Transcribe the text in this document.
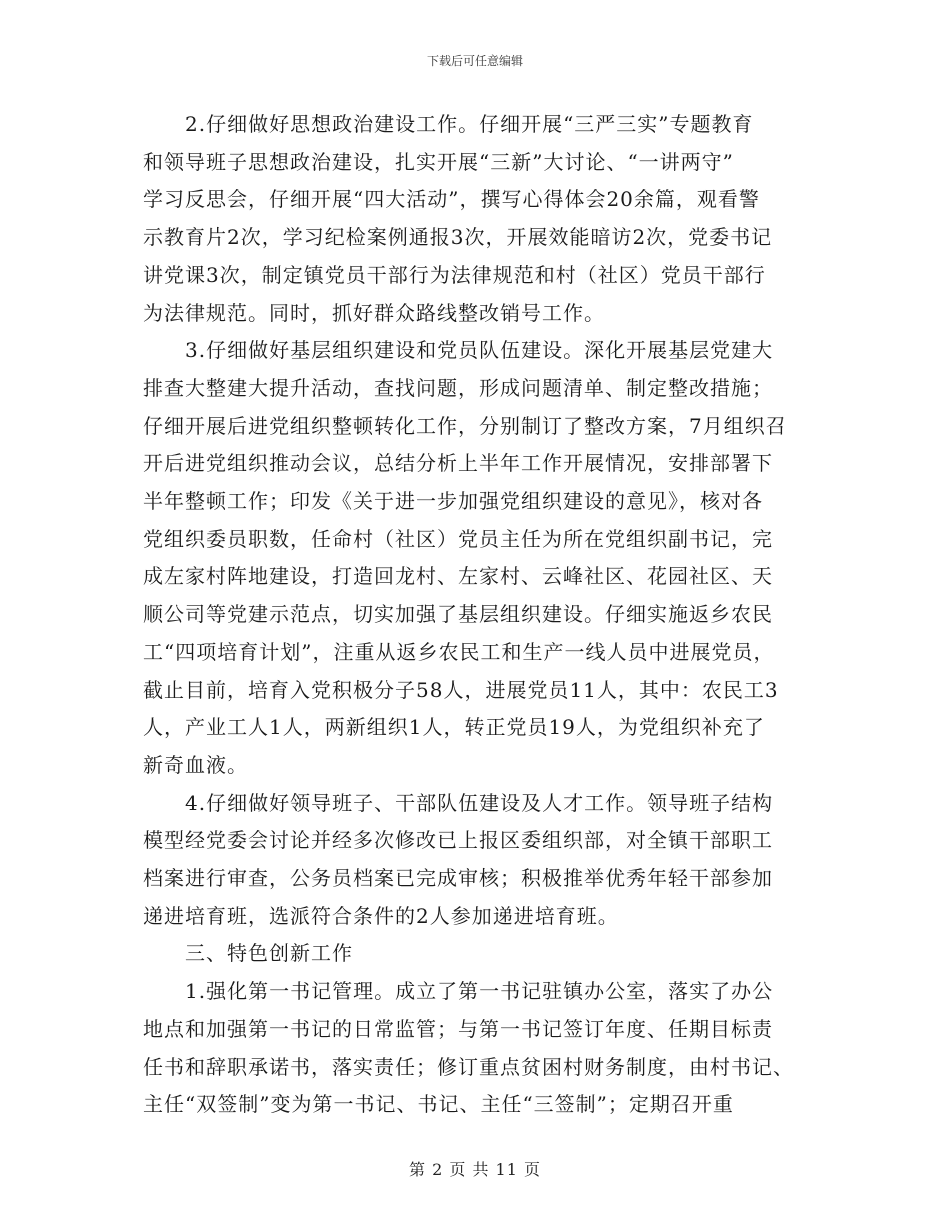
下载后可任意编辑

2.仔细做好思想政治建设工作。仔细开展“三严三实”专题教育
和领导班子思想政治建设，扎实开展“三新”大讨论、“一讲两守”
学习反思会，仔细开展“四大活动”，撰写心得体会20余篇，观看警
示教育片2次，学习纪检案例通报3次，开展效能暗访2次，党委书记
讲党课3次，制定镇党员干部行为法律规范和村（社区）党员干部行
为法律规范。同时，抓好群众路线整改销号工作。

3.仔细做好基层组织建设和党员队伍建设。深化开展基层党建大
排查大整建大提升活动，查找问题，形成问题清单、制定整改措施；
仔细开展后进党组织整顿转化工作，分别制订了整改方案，7月组织召
开后进党组织推动会议，总结分析上半年工作开展情况，安排部署下
半年整顿工作；印发《关于进一步加强党组织建设的意见》，核对各
党组织委员职数，任命村（社区）党员主任为所在党组织副书记，完
成左家村阵地建设，打造回龙村、左家村、云峰社区、花园社区、天
顺公司等党建示范点，切实加强了基层组织建设。仔细实施返乡农民
工“四项培育计划”，注重从返乡农民工和生产一线人员中进展党员，
截止目前，培育入党积极分子58人，进展党员11人，其中：农民工3
人，产业工人1人，两新组织1人，转正党员19人，为党组织补充了
新奇血液。

4.仔细做好领导班子、干部队伍建设及人才工作。领导班子结构
模型经党委会讨论并经多次修改已上报区委组织部，对全镇干部职工
档案进行审查，公务员档案已完成审核；积极推举优秀年轻干部参加
递进培育班，选派符合条件的2人参加递进培育班。

三、特色创新工作

1.强化第一书记管理。成立了第一书记驻镇办公室，落实了办公
地点和加强第一书记的日常监管；与第一书记签订年度、任期目标责
任书和辞职承诺书，落实责任；修订重点贫困村财务制度，由村书记、
主任“双签制”变为第一书记、书记、主任“三签制”；定期召开重

第 2 页 共 11 页
